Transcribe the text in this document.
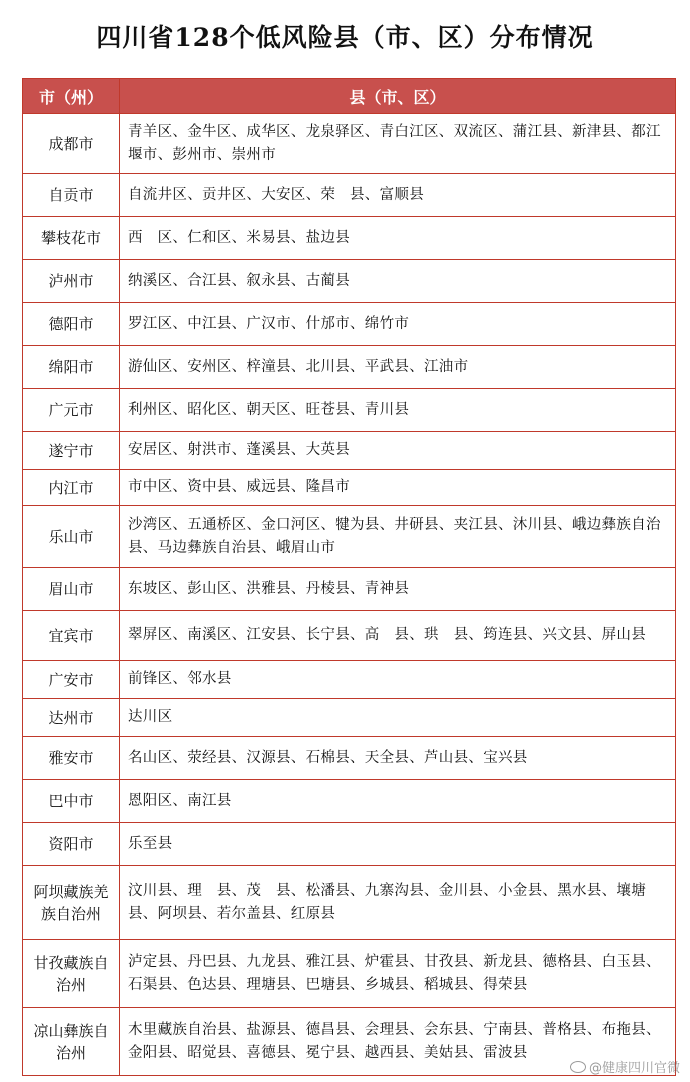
四川省128个低风险县（市、区）分布情况
市（州）	县（市、区）
成都市	青羊区、金牛区、成华区、龙泉驿区、青白江区、双流区、蒲江县、新津县、都江堰市、彭州市、崇州市
自贡市	自流井区、贡井区、大安区、荣　县、富顺县
攀枝花市	西　区、仁和区、米易县、盐边县
泸州市	纳溪区、合江县、叙永县、古蔺县
德阳市	罗江区、中江县、广汉市、什邡市、绵竹市
绵阳市	游仙区、安州区、梓潼县、北川县、平武县、江油市
广元市	利州区、昭化区、朝天区、旺苍县、青川县
遂宁市	安居区、射洪市、蓬溪县、大英县
内江市	市中区、资中县、威远县、隆昌市
乐山市	沙湾区、五通桥区、金口河区、犍为县、井研县、夹江县、沐川县、峨边彝族自治县、马边彝族自治县、峨眉山市
眉山市	东坡区、彭山区、洪雅县、丹棱县、青神县
宜宾市	翠屏区、南溪区、江安县、长宁县、高　县、珙　县、筠连县、兴文县、屏山县
广安市	前锋区、邻水县
达州市	达川区
雅安市	名山区、荥经县、汉源县、石棉县、天全县、芦山县、宝兴县
巴中市	恩阳区、南江县
资阳市	乐至县
阿坝藏族羌族自治州	汶川县、理　县、茂　县、松潘县、九寨沟县、金川县、小金县、黑水县、壤塘县、阿坝县、若尔盖县、红原县
甘孜藏族自治州	泸定县、丹巴县、九龙县、雅江县、炉霍县、甘孜县、新龙县、德格县、白玉县、石渠县、色达县、理塘县、巴塘县、乡城县、稻城县、得荣县
凉山彝族自治州	木里藏族自治县、盐源县、德昌县、会理县、会东县、宁南县、普格县、布拖县、金阳县、昭觉县、喜德县、冕宁县、越西县、美姑县、雷波县
@健康四川官微
